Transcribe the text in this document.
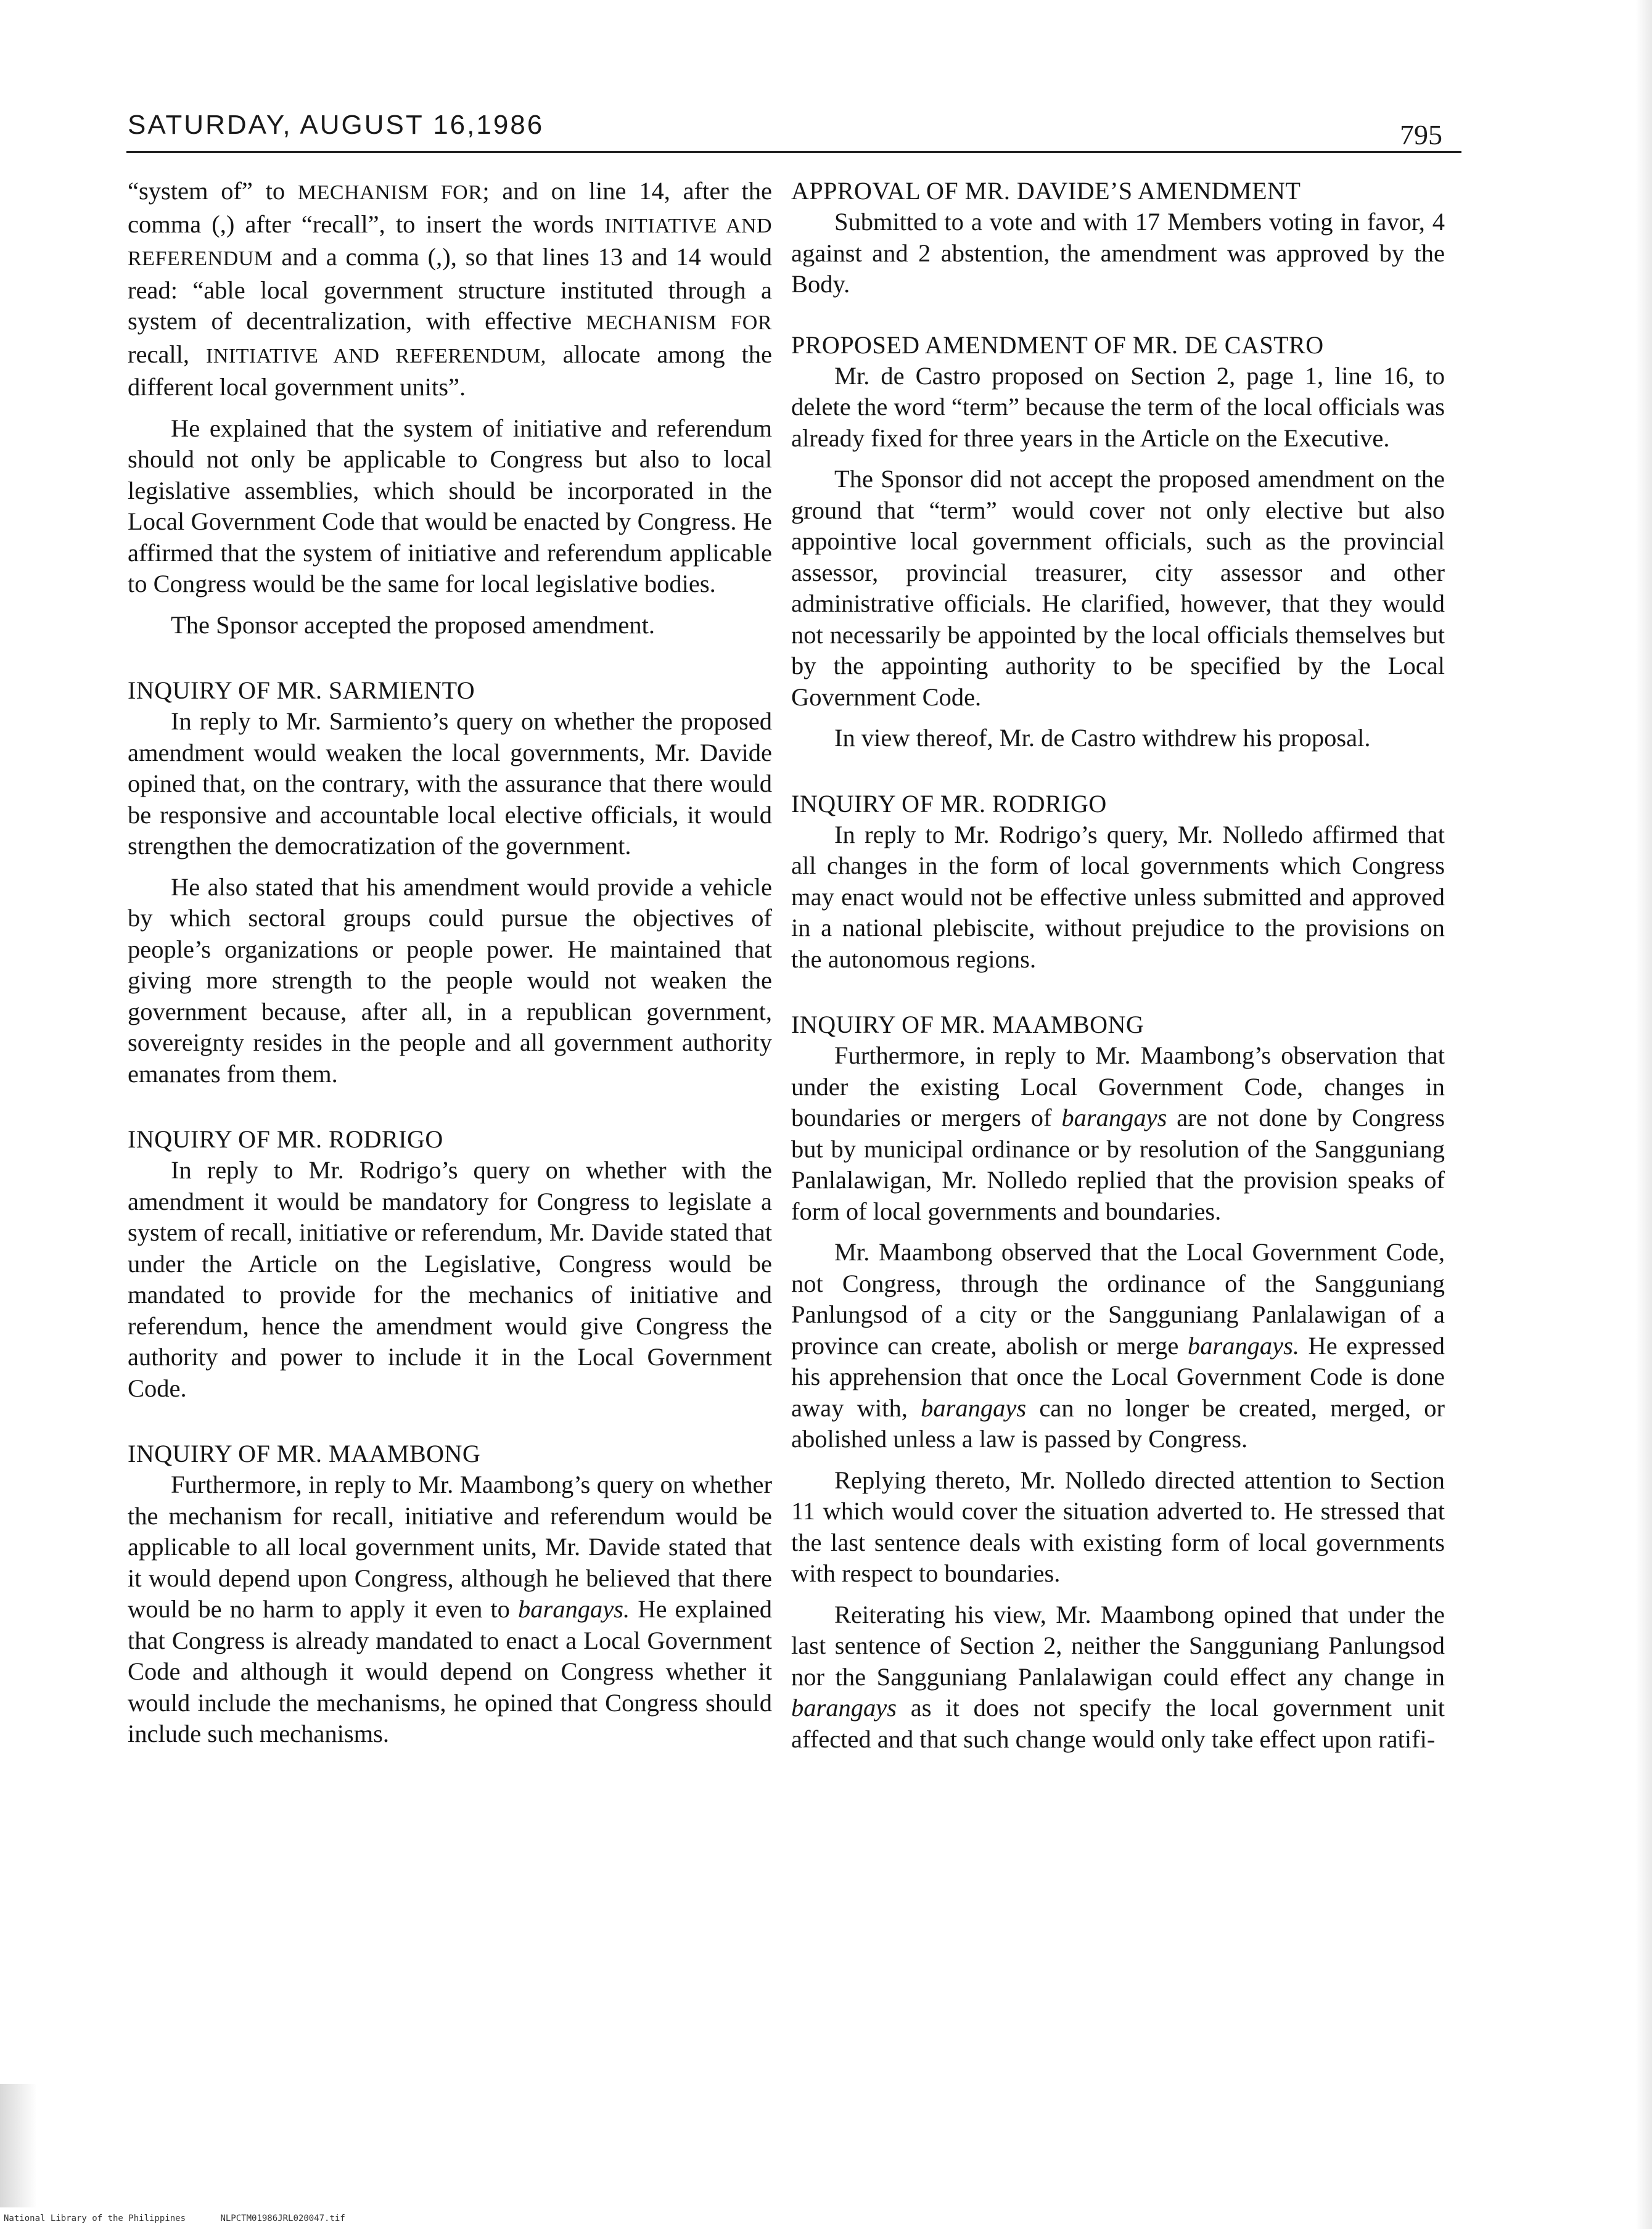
SATURDAY, AUGUST 16,1986	795

“system of” to MECHANISM FOR; and on line 14, after the comma (,) after “recall”, to insert the words INITIATIVE AND REFERENDUM and a comma (,), so that lines 13 and 14 would read: “able local government structure instituted through a system of decentralization, with effective MECHANISM FOR recall, INITIATIVE AND REFERENDUM, allocate among the different local government units”.

He explained that the system of initiative and referendum should not only be applicable to Congress but also to local legislative assemblies, which should be incorporated in the Local Government Code that would be enacted by Congress. He affirmed that the system of initiative and referendum applicable to Congress would be the same for local legislative bodies.

The Sponsor accepted the proposed amendment.

INQUIRY OF MR. SARMIENTO

In reply to Mr. Sarmiento’s query on whether the proposed amendment would weaken the local governments, Mr. Davide opined that, on the contrary, with the assurance that there would be responsive and accountable local elective officials, it would strengthen the democratization of the government.

He also stated that his amendment would provide a vehicle by which sectoral groups could pursue the objectives of people’s organizations or people power. He maintained that giving more strength to the people would not weaken the government because, after all, in a republican government, sovereignty resides in the people and all government authority emanates from them.

INQUIRY OF MR. RODRIGO

In reply to Mr. Rodrigo’s query on whether with the amendment it would be mandatory for Congress to legislate a system of recall, initiative or referendum, Mr. Davide stated that under the Article on the Legislative, Congress would be mandated to provide for the mechanics of initiative and referendum, hence the amendment would give Congress the authority and power to include it in the Local Government Code.

INQUIRY OF MR. MAAMBONG

Furthermore, in reply to Mr. Maambong’s query on whether the mechanism for recall, initiative and referendum would be applicable to all local government units, Mr. Davide stated that it would depend upon Congress, although he believed that there would be no harm to apply it even to barangays. He explained that Congress is already mandated to enact a Local Government Code and although it would depend on Congress whether it would include the mechanisms, he opined that Congress should include such mechanisms.

APPROVAL OF MR. DAVIDE’S AMENDMENT

Submitted to a vote and with 17 Members voting in favor, 4 against and 2 abstention, the amendment was approved by the Body.

PROPOSED AMENDMENT OF MR. DE CASTRO

Mr. de Castro proposed on Section 2, page 1, line 16, to delete the word “term” because the term of the local officials was already fixed for three years in the Article on the Executive.

The Sponsor did not accept the proposed amendment on the ground that “term” would cover not only elective but also appointive local government officials, such as the provincial assessor, provincial treasurer, city assessor and other administrative officials. He clarified, however, that they would not necessarily be appointed by the local officials themselves but by the appointing authority to be specified by the Local Government Code.

In view thereof, Mr. de Castro withdrew his proposal.

INQUIRY OF MR. RODRIGO

In reply to Mr. Rodrigo’s query, Mr. Nolledo affirmed that all changes in the form of local governments which Congress may enact would not be effective unless submitted and approved in a national plebiscite, without prejudice to the provisions on the autonomous regions.

INQUIRY OF MR. MAAMBONG

Furthermore, in reply to Mr. Maambong’s observation that under the existing Local Government Code, changes in boundaries or mergers of barangays are not done by Congress but by municipal ordinance or by resolution of the Sangguniang Panlalawigan, Mr. Nolledo replied that the provision speaks of form of local governments and boundaries.

Mr. Maambong observed that the Local Government Code, not Congress, through the ordinance of the Sangguniang Panlungsod of a city or the Sangguniang Panlalawigan of a province can create, abolish or merge barangays. He expressed his apprehension that once the Local Government Code is done away with, barangays can no longer be created, merged, or abolished unless a law is passed by Congress.

Replying thereto, Mr. Nolledo directed attention to Section 11 which would cover the situation adverted to. He stressed that the last sentence deals with existing form of local governments with respect to boundaries.

Reiterating his view, Mr. Maambong opined that under the last sentence of Section 2, neither the Sangguniang Panlungsod nor the Sangguniang Panlalawigan could effect any change in barangays as it does not specify the local government unit affected and that such change would only take effect upon ratifi-

National Library of the Philippines	NLPCTM01986JRL020047.tif
